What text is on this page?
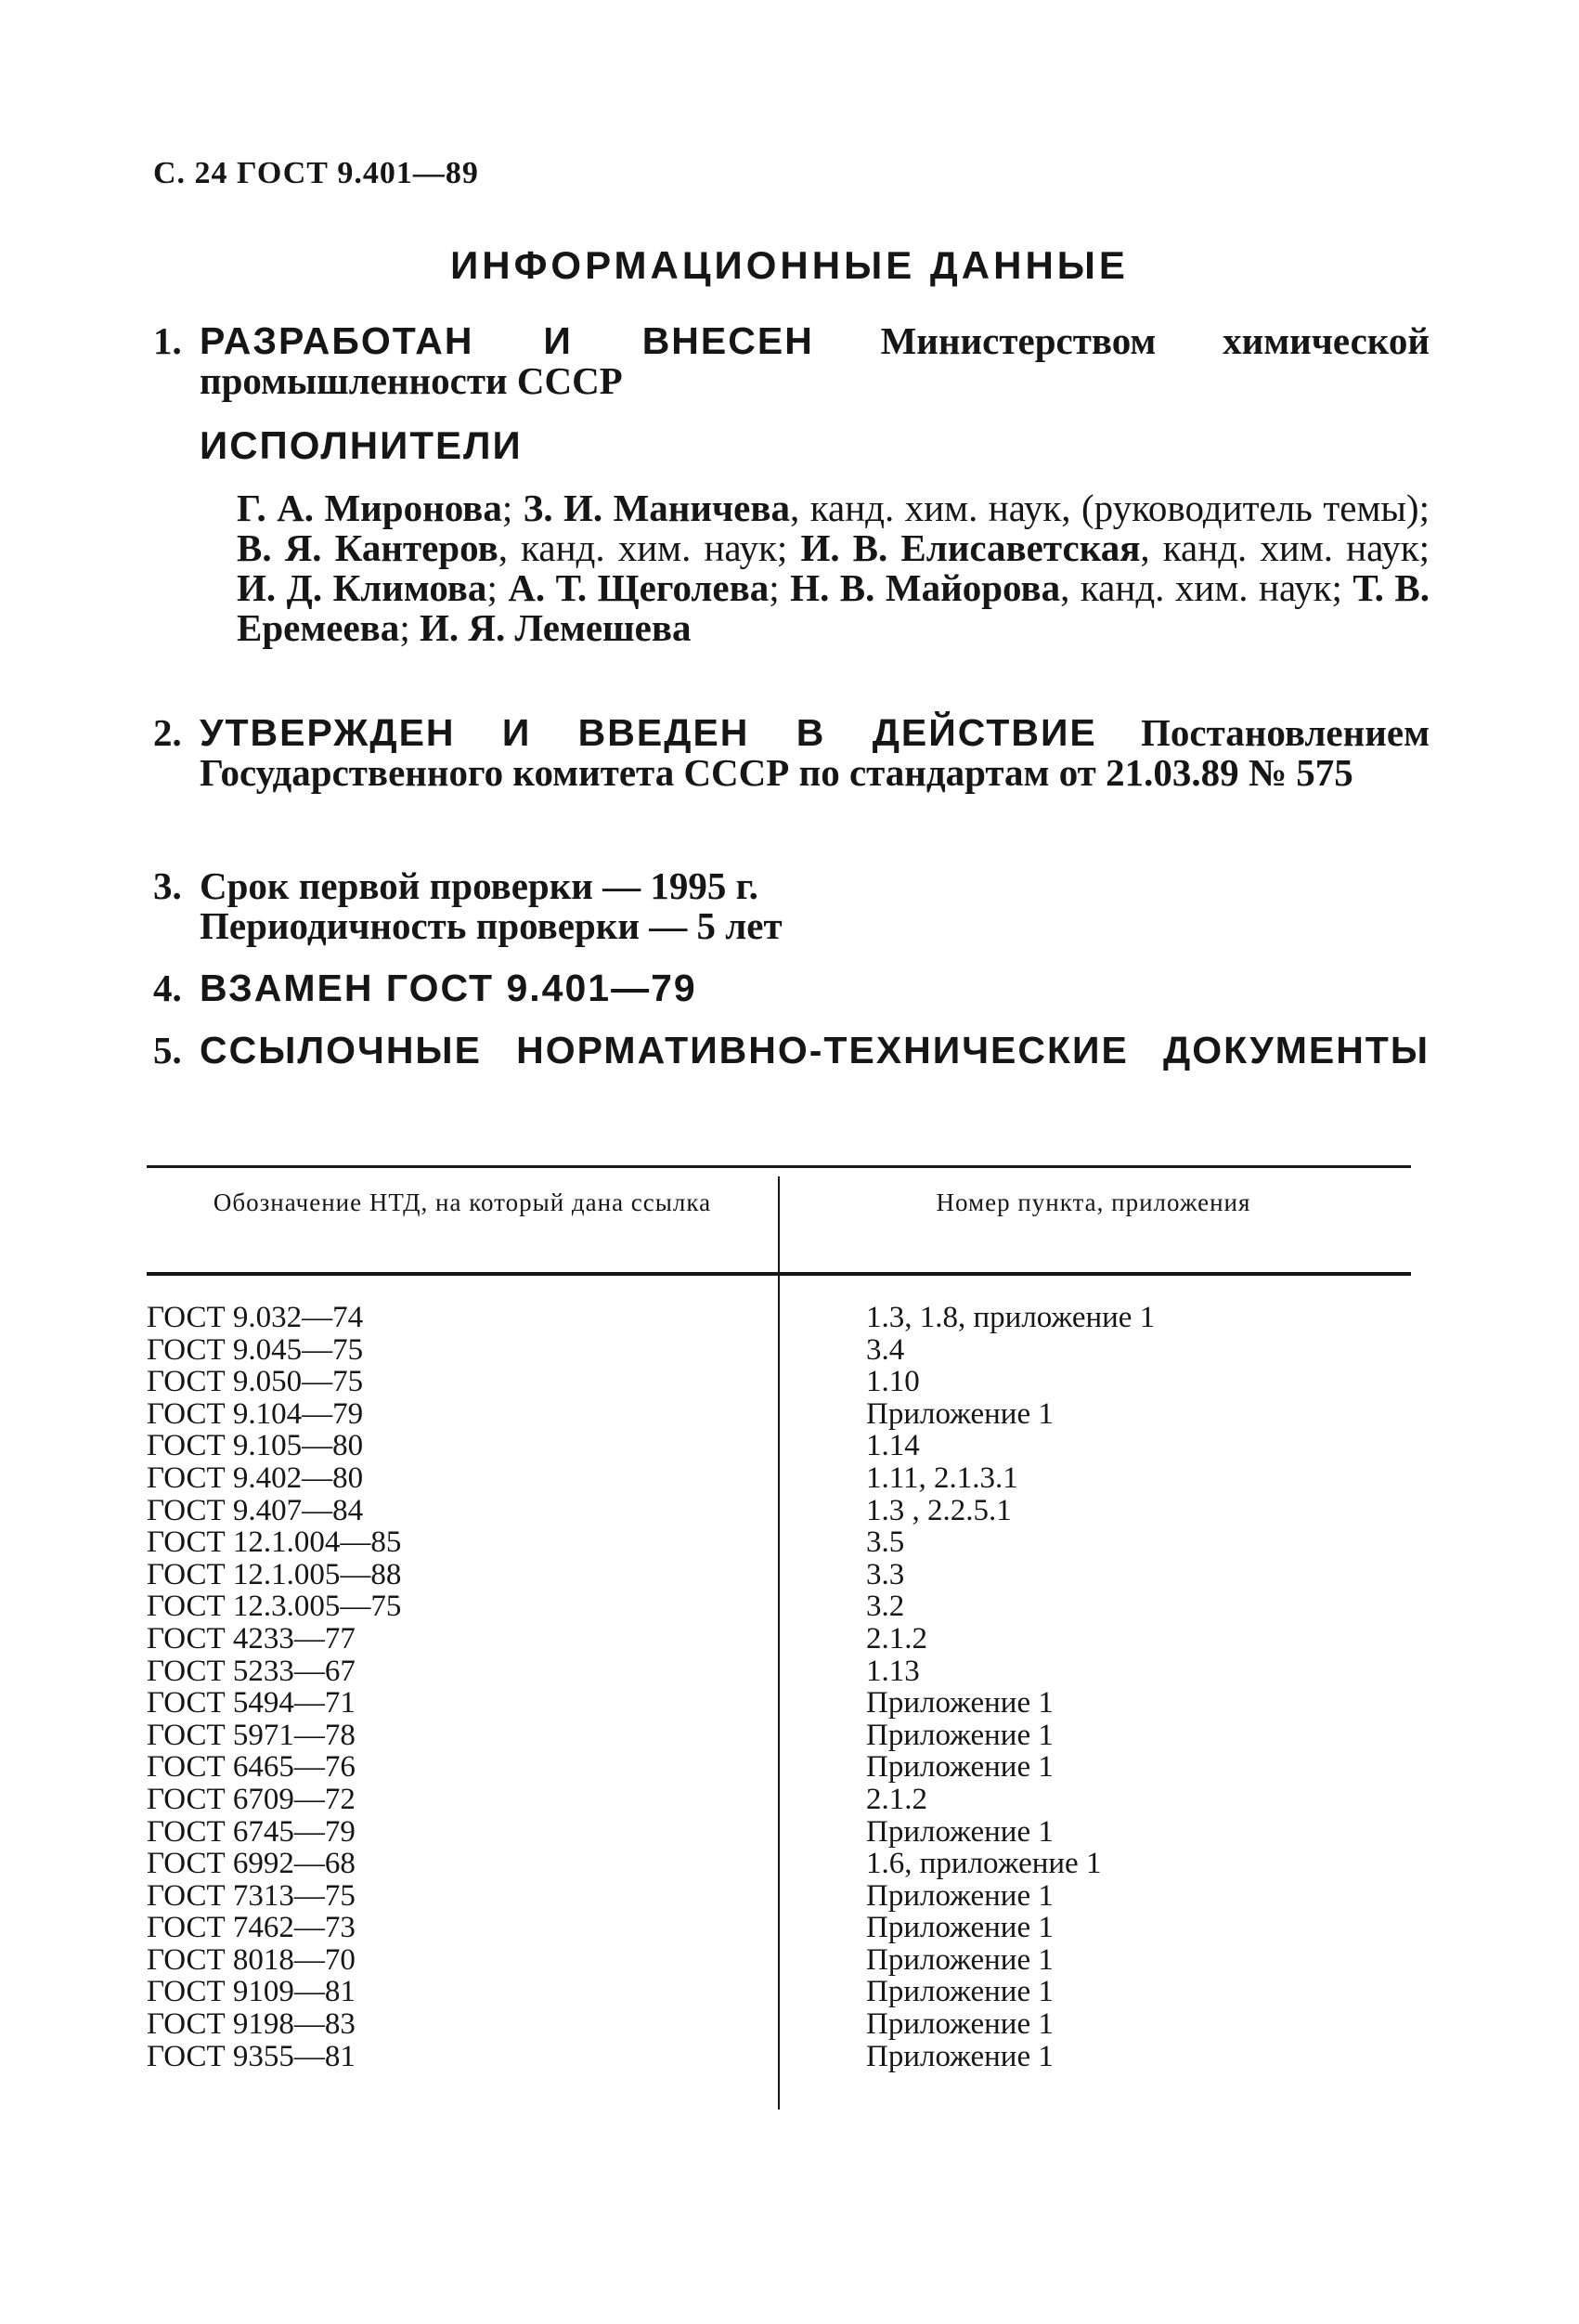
С. 24 ГОСТ 9.401—89
ИНФОРМАЦИОННЫЕ ДАННЫЕ
1. РАЗРАБОТАН И ВНЕСЕН Министерством химической промышленности СССР
ИСПОЛНИТЕЛИ
Г. А. Миронова; З. И. Маничева, канд. хим. наук, (руководитель темы); В. Я. Кантеров, канд. хим. наук; И. В. Елисаветская, канд. хим. наук; И. Д. Климова; А. Т. Щеголева; Н. В. Майорова, канд. хим. наук; Т. В. Еремеева; И. Я. Лемешева
2. УТВЕРЖДЕН И ВВЕДЕН В ДЕЙСТВИЕ Постановлением Государственного комитета СССР по стандартам от 21.03.89 № 575
3. Срок первой проверки — 1995 г.
Периодичность проверки — 5 лет
4. ВЗАМЕН ГОСТ 9.401—79
5. ССЫЛОЧНЫЕ НОРМАТИВНО-ТЕХНИЧЕСКИЕ ДОКУМЕНТЫ
Обозначение НТД, на который дана ссылка	Номер пункта, приложения
ГОСТ 9.032—74	1.3, 1.8, приложение 1
ГОСТ 9.045—75	3.4
ГОСТ 9.050—75	1.10
ГОСТ 9.104—79	Приложение 1
ГОСТ 9.105—80	1.14
ГОСТ 9.402—80	1.11, 2.1.3.1
ГОСТ 9.407—84	1.3 , 2.2.5.1
ГОСТ 12.1.004—85	3.5
ГОСТ 12.1.005—88	3.3
ГОСТ 12.3.005—75	3.2
ГОСТ 4233—77	2.1.2
ГОСТ 5233—67	1.13
ГОСТ 5494—71	Приложение 1
ГОСТ 5971—78	Приложение 1
ГОСТ 6465—76	Приложение 1
ГОСТ 6709—72	2.1.2
ГОСТ 6745—79	Приложение 1
ГОСТ 6992—68	1.6, приложение 1
ГОСТ 7313—75	Приложение 1
ГОСТ 7462—73	Приложение 1
ГОСТ 8018—70	Приложение 1
ГОСТ 9109—81	Приложение 1
ГОСТ 9198—83	Приложение 1
ГОСТ 9355—81	Приложение 1
